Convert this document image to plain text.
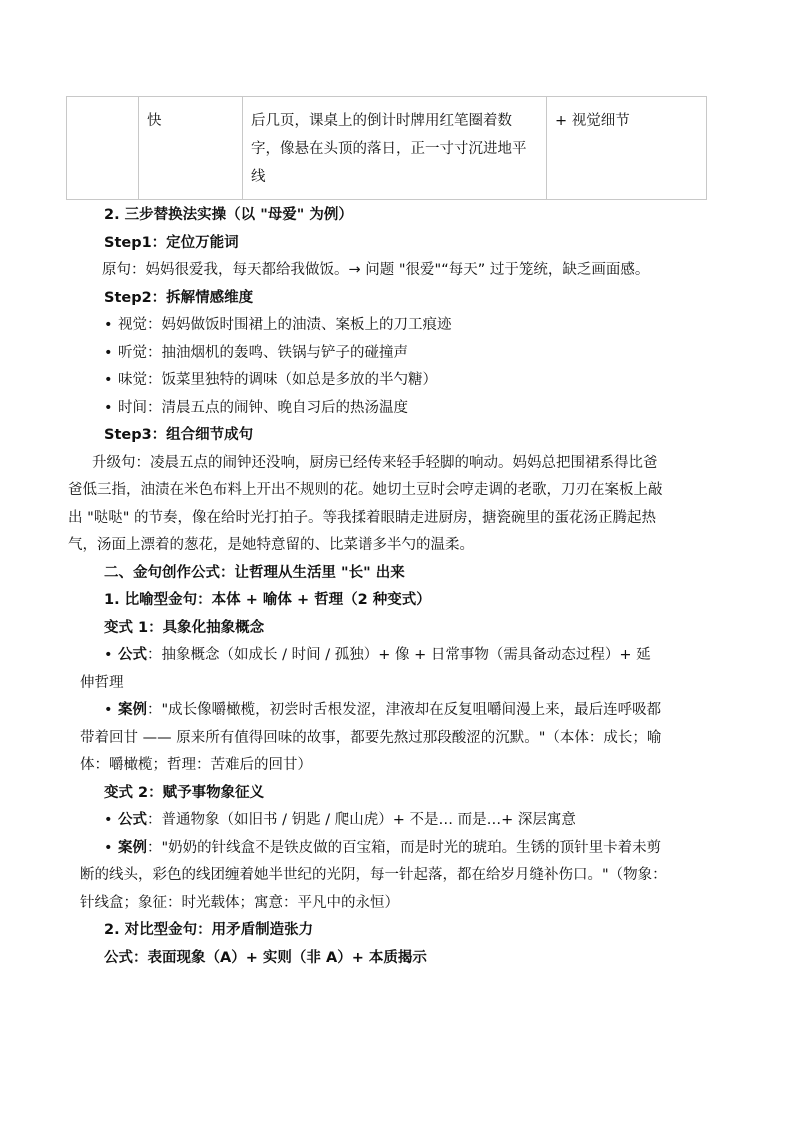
	快	后几页，课桌上的倒计时牌用红笔圈着数字，像悬在头顶的落日，正一寸寸沉进地平线	+ 视觉细节
2. 三步替换法实操（以 "母爱" 为例）
Step1：定位万能词
原句：妈妈很爱我，每天都给我做饭。→ 问题 "很爱"“每天” 过于笼统，缺乏画面感。
Step2：拆解情感维度
• 视觉：妈妈做饭时围裙上的油渍、案板上的刀工痕迹
• 听觉：抽油烟机的轰鸣、铁锅与铲子的碰撞声
• 味觉：饭菜里独特的调味（如总是多放的半勺糖）
• 时间：清晨五点的闹钟、晚自习后的热汤温度
Step3：组合细节成句
升级句：凌晨五点的闹钟还没响，厨房已经传来轻手轻脚的响动。妈妈总把围裙系得比爸
爸低三指，油渍在米色布料上开出不规则的花。她切土豆时会哼走调的老歌，刀刃在案板上敲
出 "哒哒" 的节奏，像在给时光打拍子。等我揉着眼睛走进厨房，搪瓷碗里的蛋花汤正腾起热
气，汤面上漂着的葱花，是她特意留的、比菜谱多半勺的温柔。
二、金句创作公式：让哲理从生活里 "长" 出来
1. 比喻型金句：本体 + 喻体 + 哲理（2 种变式）
变式 1：具象化抽象概念
• 公式：抽象概念（如成长 / 时间 / 孤独）+ 像 + 日常事物（需具备动态过程）+ 延
伸哲理
• 案例："成长像嚼橄榄，初尝时舌根发涩，津液却在反复咀嚼间漫上来，最后连呼吸都
带着回甘 —— 原来所有值得回味的故事，都要先熬过那段酸涩的沉默。"（本体：成长；喻
体：嚼橄榄；哲理：苦难后的回甘）
变式 2：赋予事物象征义
• 公式：普通物象（如旧书 / 钥匙 / 爬山虎）+ 不是… 而是…+ 深层寓意
• 案例："奶奶的针线盒不是铁皮做的百宝箱，而是时光的琥珀。生锈的顶针里卡着未剪
断的线头，彩色的线团缠着她半世纪的光阴，每一针起落，都在给岁月缝补伤口。"（物象：
针线盒；象征：时光载体；寓意：平凡中的永恒）
2. 对比型金句：用矛盾制造张力
公式：表面现象（A）+ 实则（非 A）+ 本质揭示
